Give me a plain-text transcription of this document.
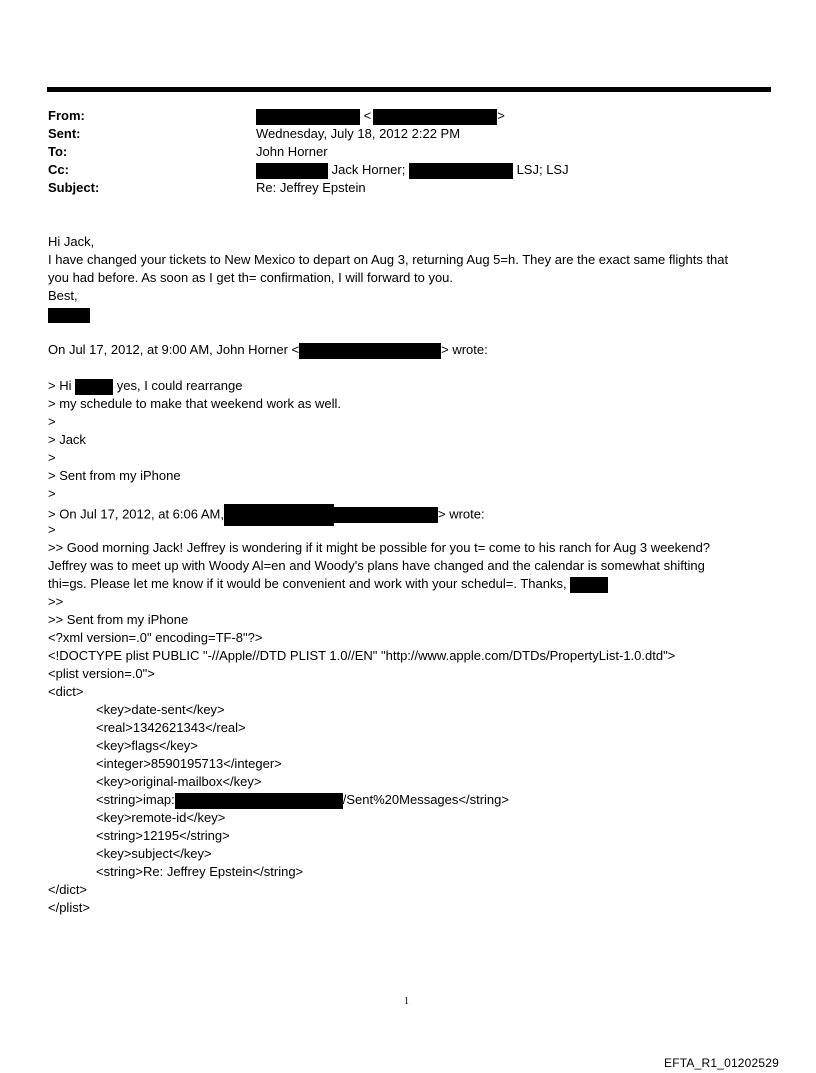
From:	<	>
Sent:	Wednesday, July 18, 2012 2:22 PM
To:	John Horner
Cc:	Jack Horner;	LSJ; LSJ
Subject:	Re: Jeffrey Epstein
Hi Jack,
I have changed your tickets to New Mexico to depart on Aug 3, returning Aug 5=h. They are the exact same flights that
you had before. As soon as I get th= confirmation, I will forward to you.
Best,
On Jul 17, 2012, at 9:00 AM, John Horner <	> wrote:
> Hi	yes, I could rearrange
> my schedule to make that weekend work as well.
>
> Jack
>
> Sent from my iPhone
>
> On Jul 17, 2012, at 6:06 AM,	> wrote:
>
>> Good morning Jack! Jeffrey is wondering if it might be possible for you t= come to his ranch for Aug 3 weekend?
Jeffrey was to meet up with Woody Al=en and Woody's plans have changed and the calendar is somewhat shifting
thi=gs. Please let me know if it would be convenient and work with your schedul=. Thanks,
>>
>> Sent from my iPhone
<?xml version=.0" encoding=TF-8"?>
<!DOCTYPE plist PUBLIC "-//Apple//DTD PLIST 1.0//EN" "http://www.apple.com/DTDs/PropertyList-1.0.dtd">
<plist version=.0">
<dict>
<key>date-sent</key>
<real>1342621343</real>
<key>flags</key>
<integer>8590195713</integer>
<key>original-mailbox</key>
<string>imap:	/Sent%20Messages</string>
<key>remote-id</key>
<string>12195</string>
<key>subject</key>
<string>Re: Jeffrey Epstein</string>
</dict>
</plist>
1
EFTA_R1_01202529
